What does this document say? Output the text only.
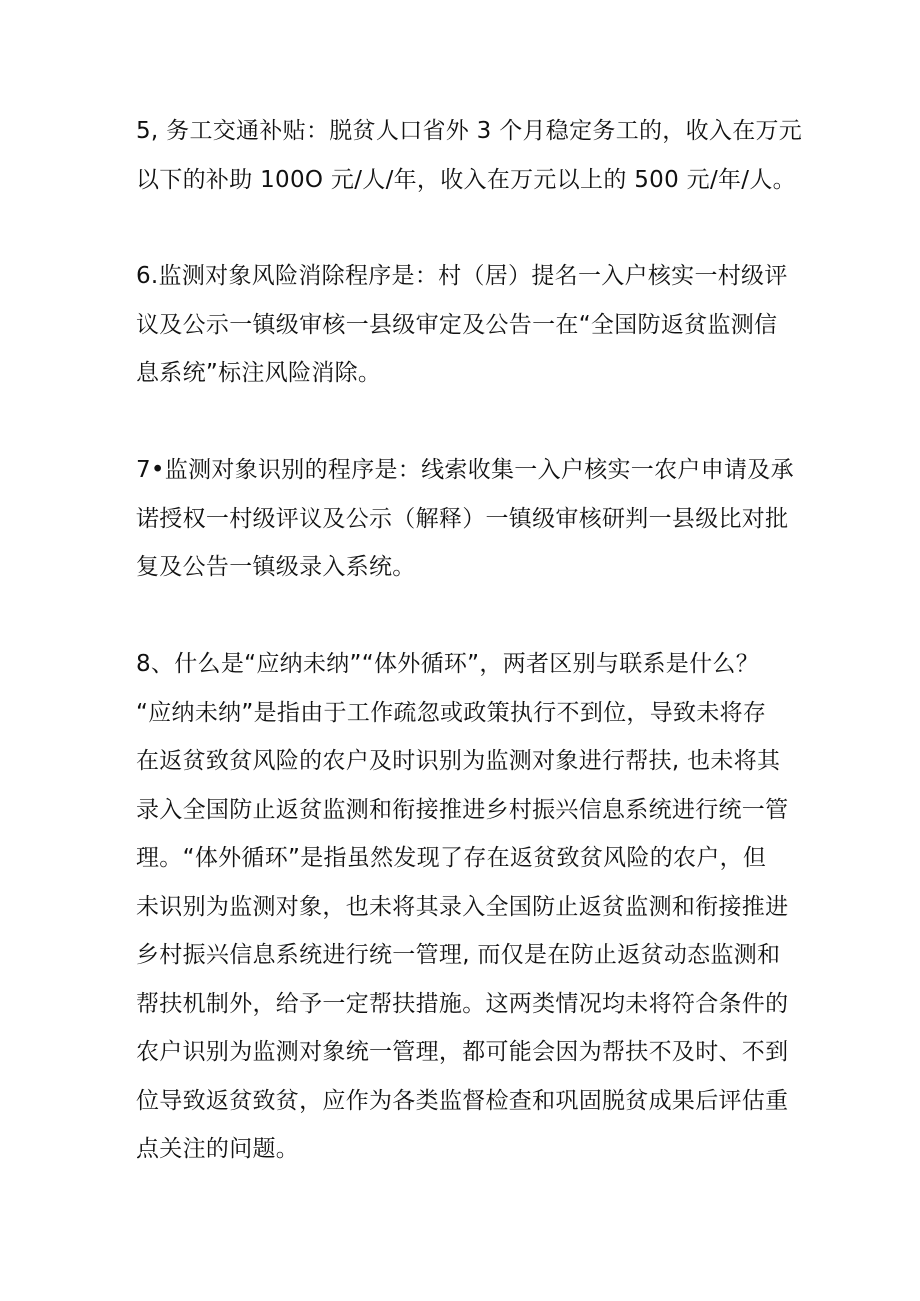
5, 务工交通补贴：脱贫人口省外 3 个月稳定务工的，收入在万元
以下的补助 100O 元/人/年，收入在万元以上的 500 元/年/人。
6.监测对象风险消除程序是：村（居）提名一入户核实一村级评
议及公示一镇级审核一县级审定及公告一在“全国防返贫监测信
息系统”标注风险消除。
7•监测对象识别的程序是：线索收集一入户核实一农户申请及承
诺授权一村级评议及公示（解释）一镇级审核研判一县级比对批
复及公告一镇级录入系统。
8、什么是“应纳未纳”“体外循环”，两者区别与联系是什么？
“应纳未纳”是指由于工作疏忽或政策执行不到位，导致未将存
在返贫致贫风险的农户及时识别为监测对象进行帮扶, 也未将其
录入全国防止返贫监测和衔接推进乡村振兴信息系统进行统一管
理。“体外循环”是指虽然发现了存在返贫致贫风险的农户，但
未识别为监测对象，也未将其录入全国防止返贫监测和衔接推进
乡村振兴信息系统进行统一管理, 而仅是在防止返贫动态监测和
帮扶机制外，给予一定帮扶措施。这两类情况均未将符合条件的
农户识别为监测对象统一管理，都可能会因为帮扶不及时、不到
位导致返贫致贫，应作为各类监督检查和巩固脱贫成果后评估重
点关注的问题。
